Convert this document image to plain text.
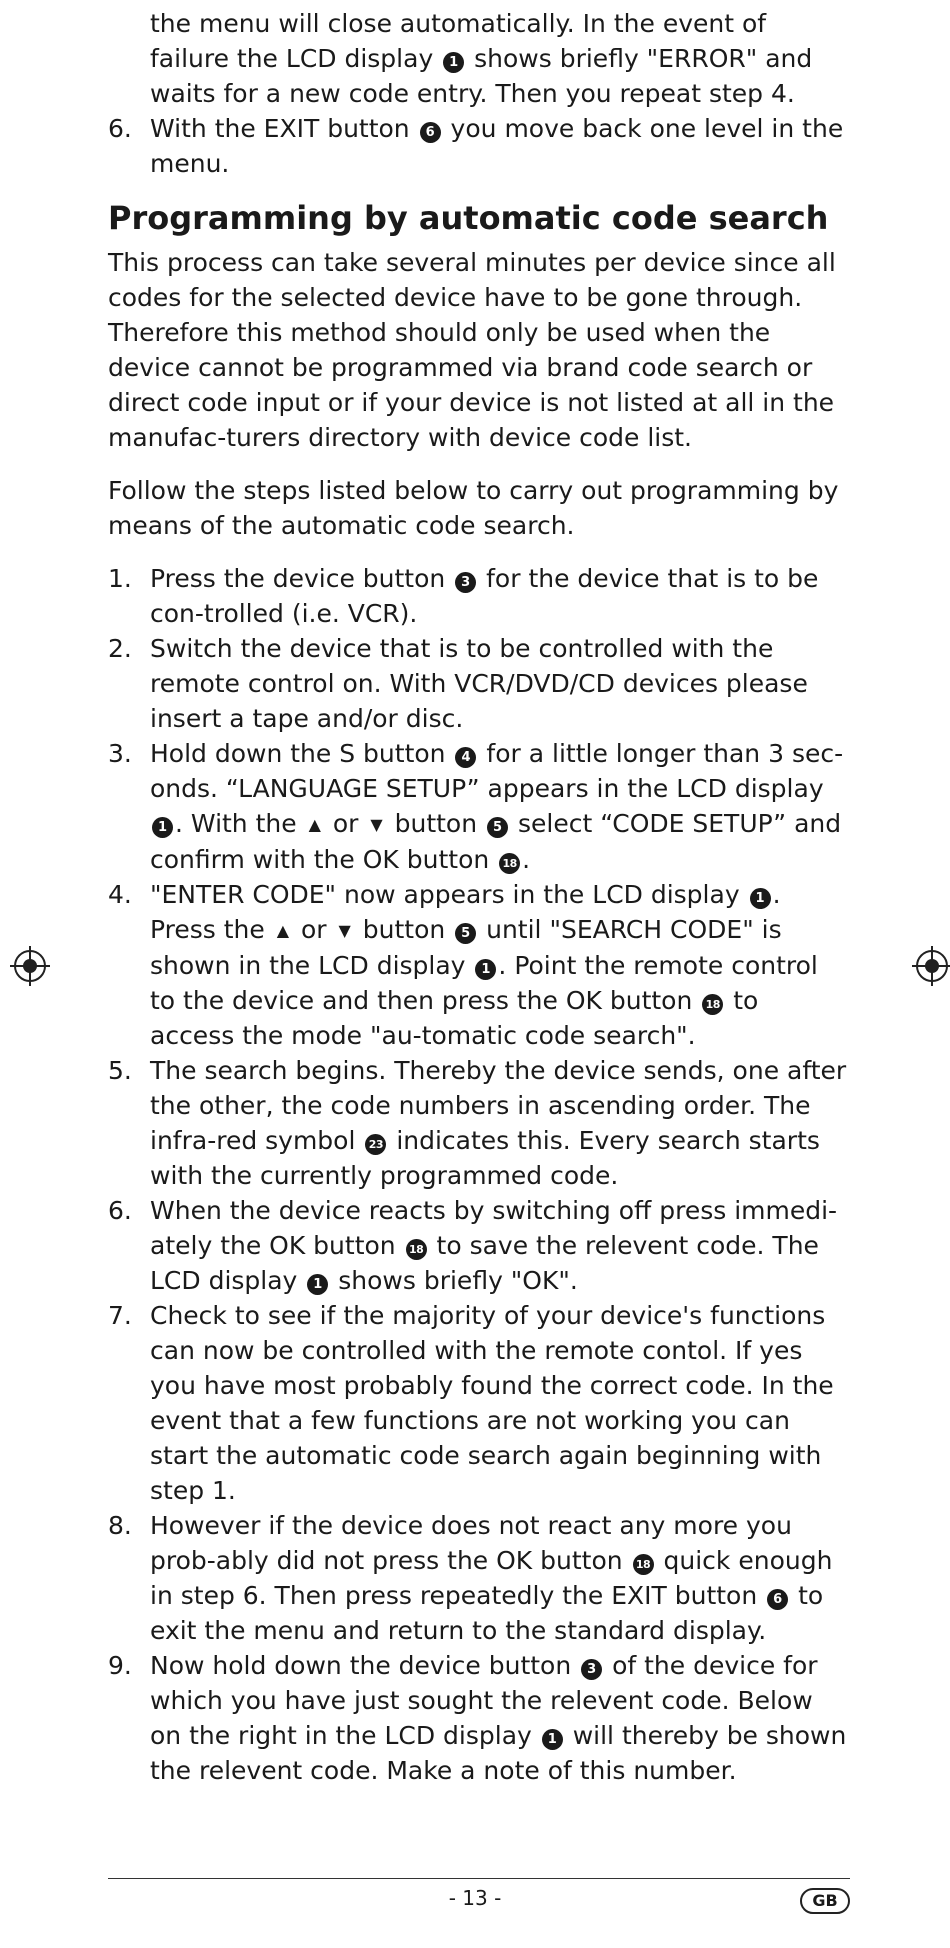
the menu will close automatically. In the event of failure the LCD display 1 shows briefly "ERROR" and waits for a new code entry. Then you repeat step 4.

6. With the EXIT button 6 you move back one level in the menu.
Programming by automatic code search

This process can take several minutes per device since all codes for the selected device have to be gone through. Therefore this method should only be used when the device cannot be programmed via brand code search or direct code input or if your device is not listed at all in the manufac-turers directory with device code list.

Follow the steps listed below to carry out programming by means of the automatic code search.

1. Press the device button 3 for the device that is to be con-trolled (i.e. VCR).
2. Switch the device that is to be controlled with the remote control on. With VCR/DVD/CD devices please insert a tape and/or disc.
3. Hold down the S button 4 for a little longer than 3 sec-onds. “LANGUAGE SETUP” appears in the LCD display 1 . With the ▲ or ▼ button 5 select “CODE SETUP” and confirm with the OK button 18 .
4. "ENTER CODE" now appears in the LCD display 1 . Press the ▲ or ▼ button 5 until "SEARCH CODE" is shown in the LCD display 1 . Point the remote control to the device and then press the OK button 18 to access the mode "au-tomatic code search".
5. The search begins. Thereby the device sends, one after the other, the code numbers in ascending order. The infra-red symbol 23 indicates this. Every search starts with the currently programmed code.
6. When the device reacts by switching off press immedi-ately the OK button 18 to save the relevent code. The LCD display 1 shows briefly "OK".
7. Check to see if the majority of your device's functions can now be controlled with the remote contol. If yes you have most probably found the correct code. In the event that a few functions are not working you can start the automatic code search again beginning with step 1.
8. However if the device does not react any more you prob-ably did not press the OK button 18 quick enough in step 6. Then press repeatedly the EXIT button 6 to exit the menu and return to the standard display.
9. Now hold down the device button 3 of the device for which you have just sought the relevent code. Below on the right in the LCD display 1 will thereby be shown the relevent code. Make a note of this number.
- 13 -	GB
